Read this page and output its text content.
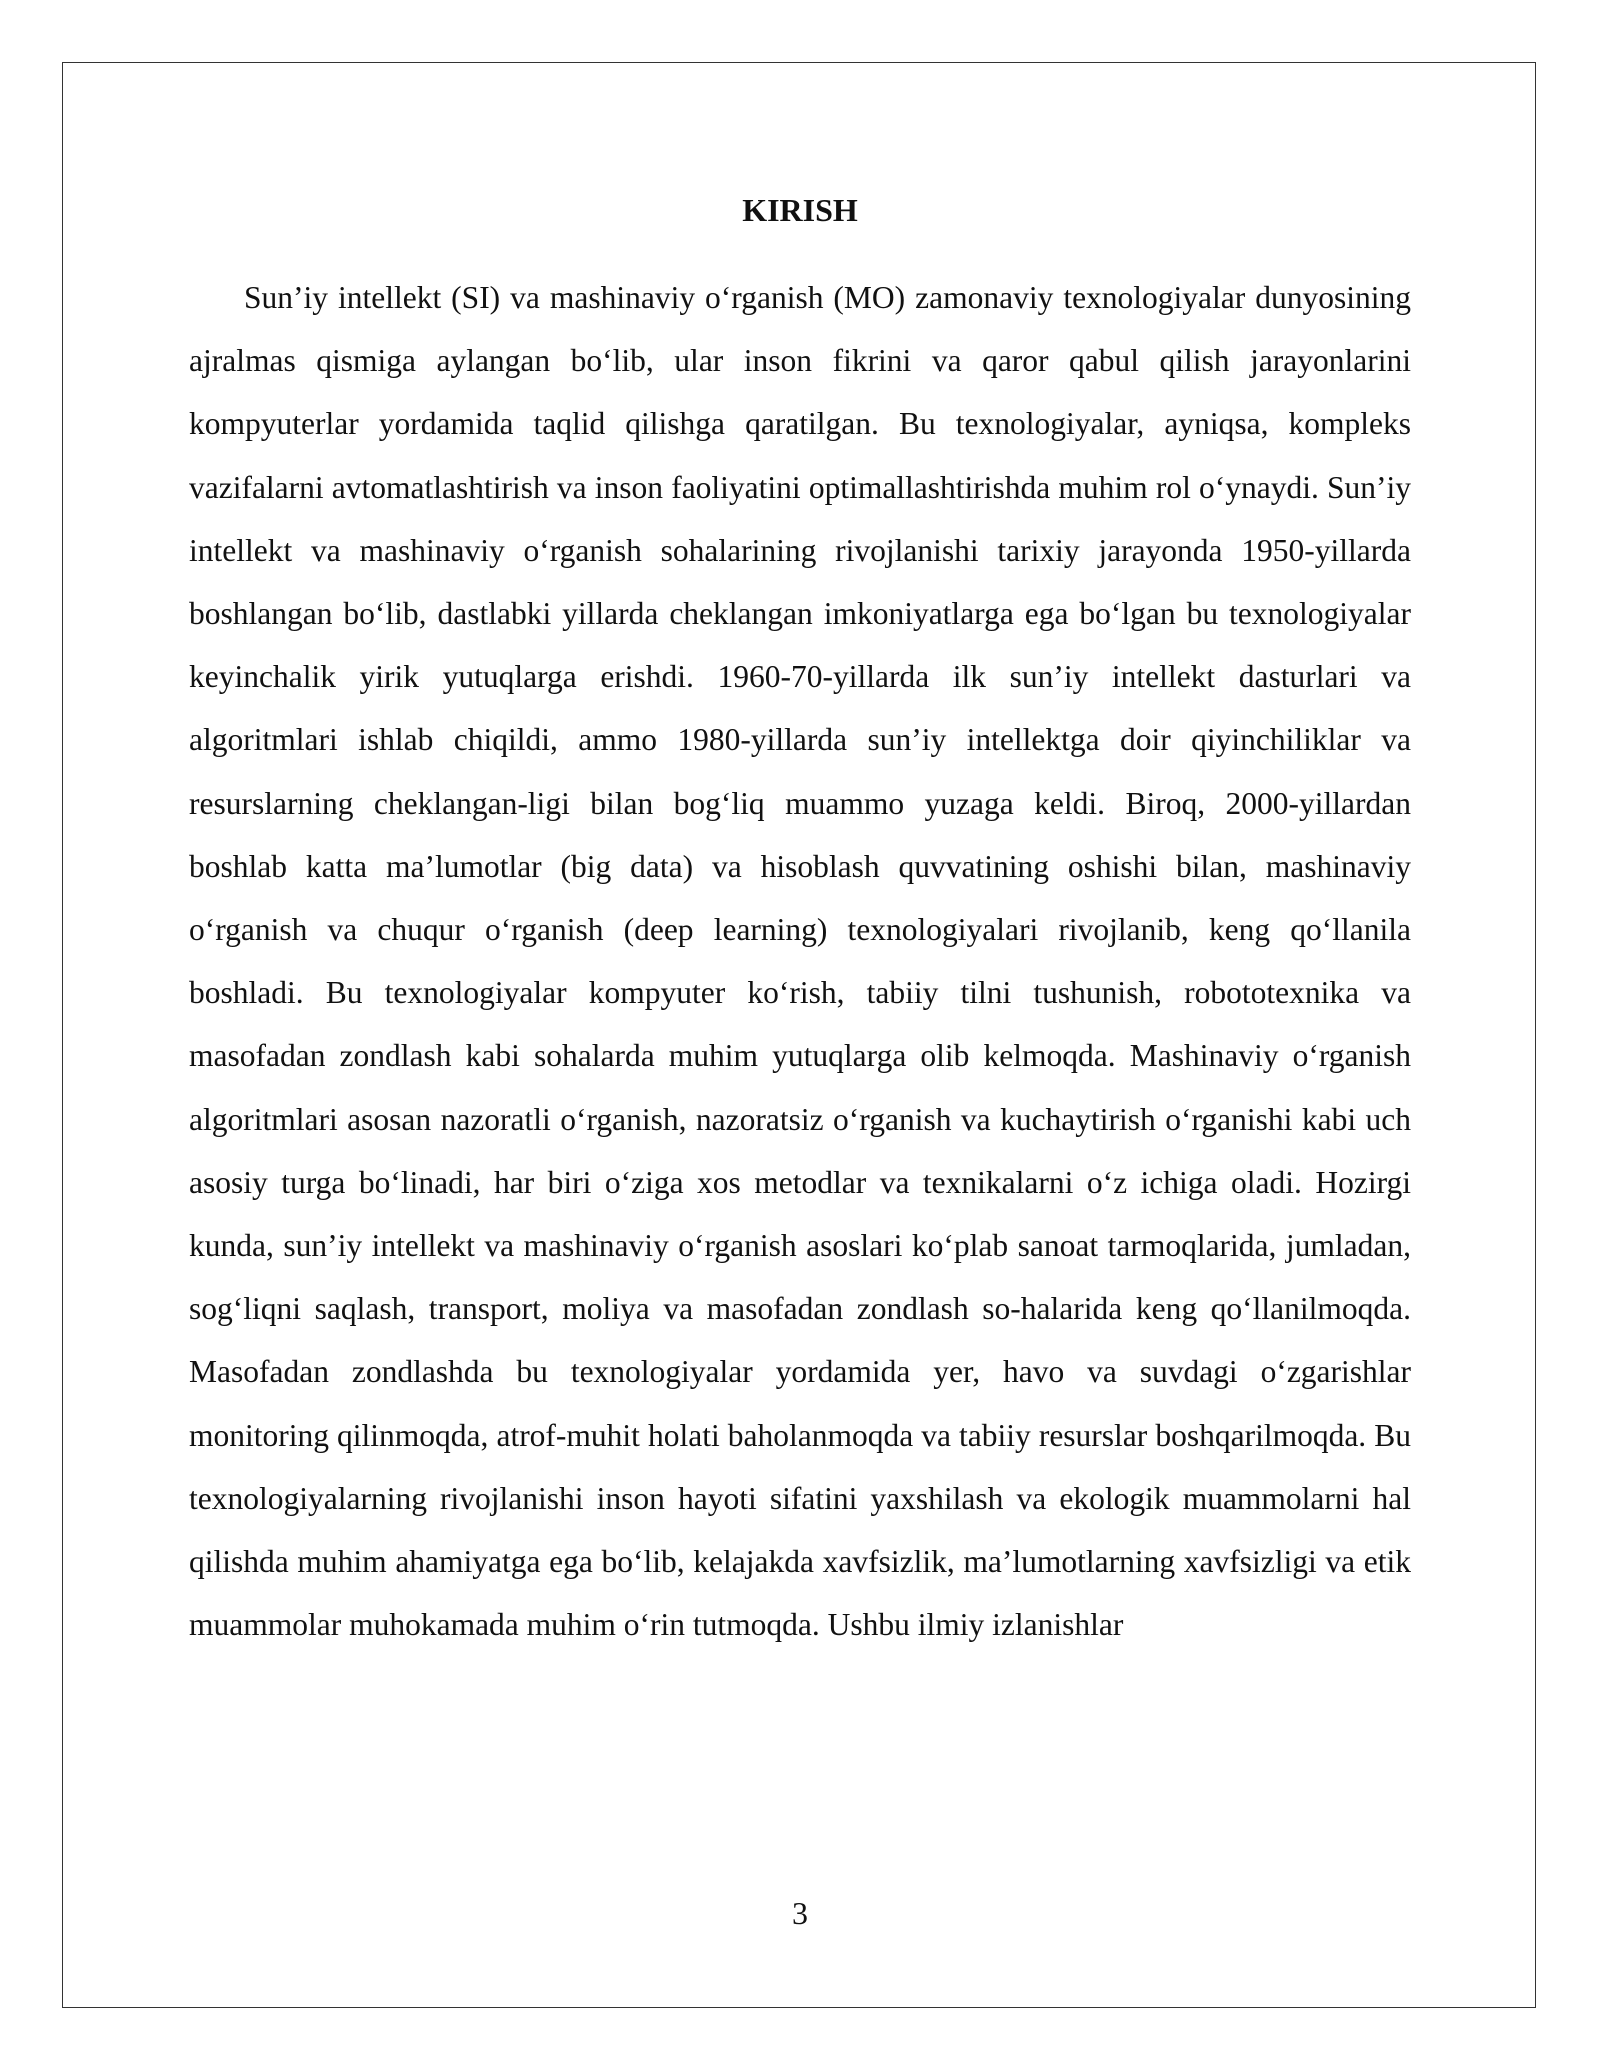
KIRISH

Sun’iy intellekt (SI) va mashinaviy o‘rganish (MO) zamonaviy texnologiyalar dunyosining ajralmas qismiga aylangan bo‘lib, ular inson fikrini va qaror qabul qilish jarayonlarini kompyuterlar yordamida taqlid qilishga qaratilgan. Bu texnologiyalar, ayniqsa, kompleks vazifalarni avtomatlashtirish va inson faoliyatini optimallashtirishda muhim rol o‘ynaydi. Sun’iy intellekt va mashinaviy o‘rganish sohalarining rivojlanishi tarixiy jarayonda 1950-yillarda boshlangan bo‘lib, dastlabki yillarda cheklangan imkoniyatlarga ega bo‘lgan bu texnologiyalar keyinchalik yirik yutuqlarga erishdi. 1960-70-yillarda ilk sun’iy intellekt dasturlari va algoritmlari ishlab chiqildi, ammo 1980-yillarda sun’iy intellektga doir qiyinchiliklar va resurslarning cheklangan-ligi bilan bog‘liq muammo yuzaga keldi. Biroq, 2000-yillardan boshlab katta ma’lumotlar (big data) va hisoblash quvvatining oshishi bilan, mashinaviy o‘rganish va chuqur o‘rganish (deep learning) texnologiyalari rivojlanib, keng qo‘llanila boshladi. Bu texnologiyalar kompyuter ko‘rish, tabiiy tilni tushunish, robototexnika va masofadan zondlash kabi sohalarda muhim yutuqlarga olib kelmoqda. Mashinaviy o‘rganish algoritmlari asosan nazoratli o‘rganish, nazoratsiz o‘rganish va kuchaytirish o‘rganishi kabi uch asosiy turga bo‘linadi, har biri o‘ziga xos metodlar va texnikalarni o‘z ichiga oladi. Hozirgi kunda, sun’iy intellekt va mashinaviy o‘rganish asoslari ko‘plab sanoat tarmoqlarida, jumladan, sog‘liqni saqlash, transport, moliya va masofadan zondlash so-halarida keng qo‘llanilmoqda. Masofadan zondlashda bu texnologiyalar yordamida yer, havo va suvdagi o‘zgarishlar monitoring qilinmoqda, atrof-muhit holati baholanmoqda va tabiiy resurslar boshqarilmoqda. Bu texnologiyalarning rivojlanishi inson hayoti sifatini yaxshilash va ekologik muammolarni hal qilishda muhim ahamiyatga ega bo‘lib, kelajakda xavfsizlik, ma’lumotlarning xavfsizligi va etik muammolar muhokamada muhim o‘rin tutmoqda. Ushbu ilmiy izlanishlar

3
